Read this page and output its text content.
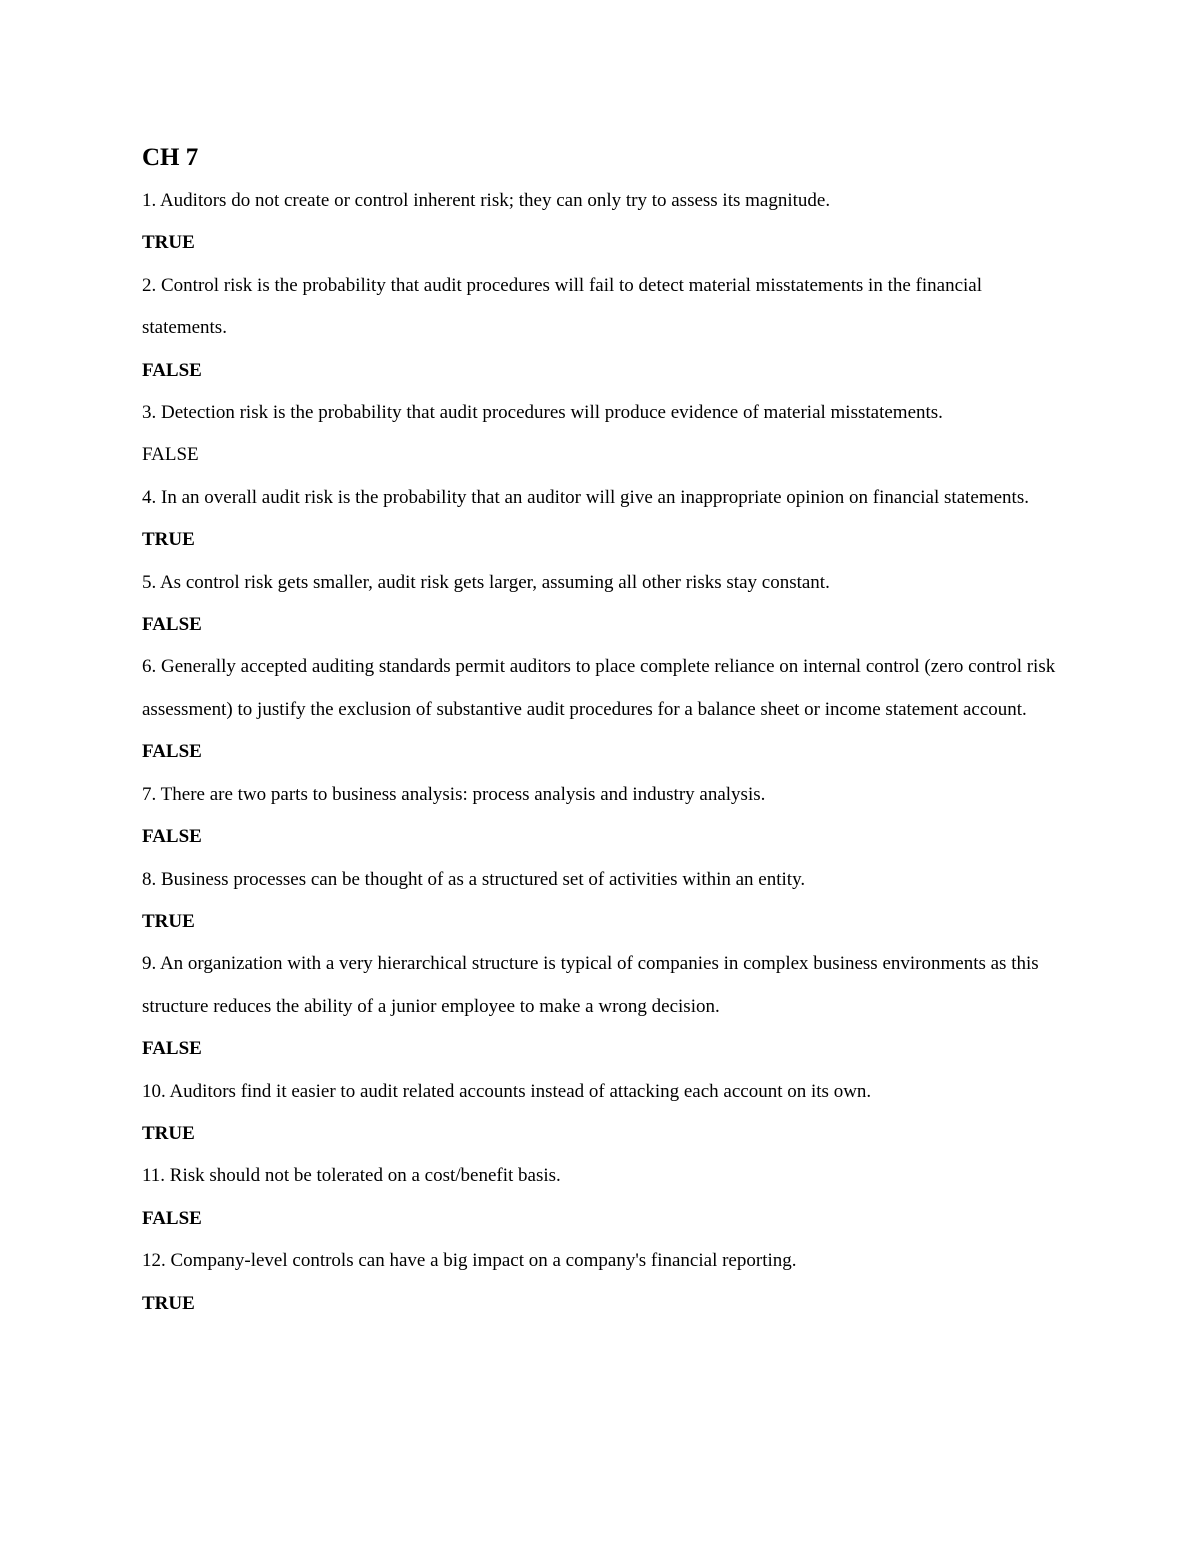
CH 7

1. Auditors do not create or control inherent risk; they can only try to assess its magnitude.

TRUE

2. Control risk is the probability that audit procedures will fail to detect material misstatements in the financial statements.

FALSE

3. Detection risk is the probability that audit procedures will produce evidence of material misstatements.

FALSE

4. In an overall audit risk is the probability that an auditor will give an inappropriate opinion on financial statements.

TRUE

5. As control risk gets smaller, audit risk gets larger, assuming all other risks stay constant.

FALSE

6. Generally accepted auditing standards permit auditors to place complete reliance on internal control (zero control risk assessment) to justify the exclusion of substantive audit procedures for a balance sheet or income statement account.

FALSE

7. There are two parts to business analysis: process analysis and industry analysis.

FALSE

8. Business processes can be thought of as a structured set of activities within an entity.

TRUE

9. An organization with a very hierarchical structure is typical of companies in complex business environments as this structure reduces the ability of a junior employee to make a wrong decision.

FALSE

10. Auditors find it easier to audit related accounts instead of attacking each account on its own.

TRUE

11. Risk should not be tolerated on a cost/benefit basis.

FALSE

12. Company-level controls can have a big impact on a company's financial reporting.

TRUE
